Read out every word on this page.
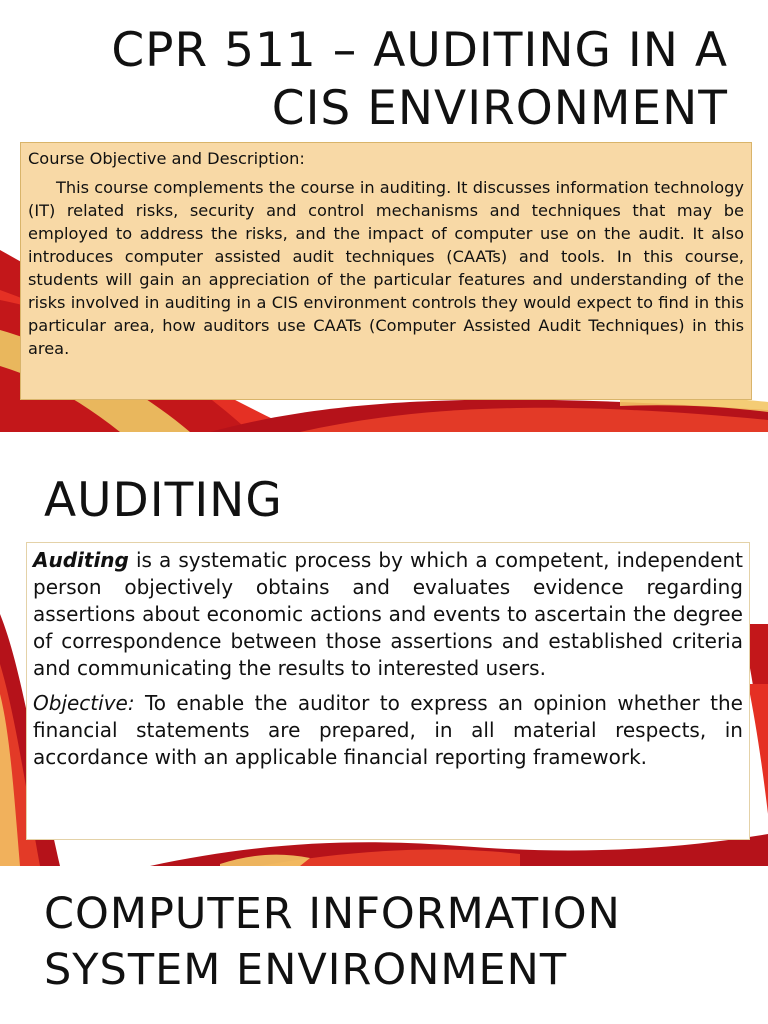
CPR 511 – AUDITING IN A
CIS ENVIRONMENT

Course Objective and Description:

This course complements the course in auditing. It discusses information technology (IT) related risks, security and control mechanisms and techniques that may be employed to address the risks, and the impact of computer use on the audit. It also introduces computer assisted audit techniques (CAATs) and tools. In this course, students will gain an appreciation of the particular features and understanding of the risks involved in auditing in a CIS environment controls they would expect to find in this particular area, how auditors use CAATs (Computer Assisted Audit Techniques) in this area.

AUDITING

Auditing is a systematic process by which a competent, independent person objectively obtains and evaluates evidence regarding assertions about economic actions and events to ascertain the degree of correspondence between those assertions and established criteria and communicating the results to interested users.

Objective: To enable the auditor to express an opinion whether the financial statements are prepared, in all material respects, in accordance with an applicable financial reporting framework.

COMPUTER INFORMATION
SYSTEM ENVIRONMENT
